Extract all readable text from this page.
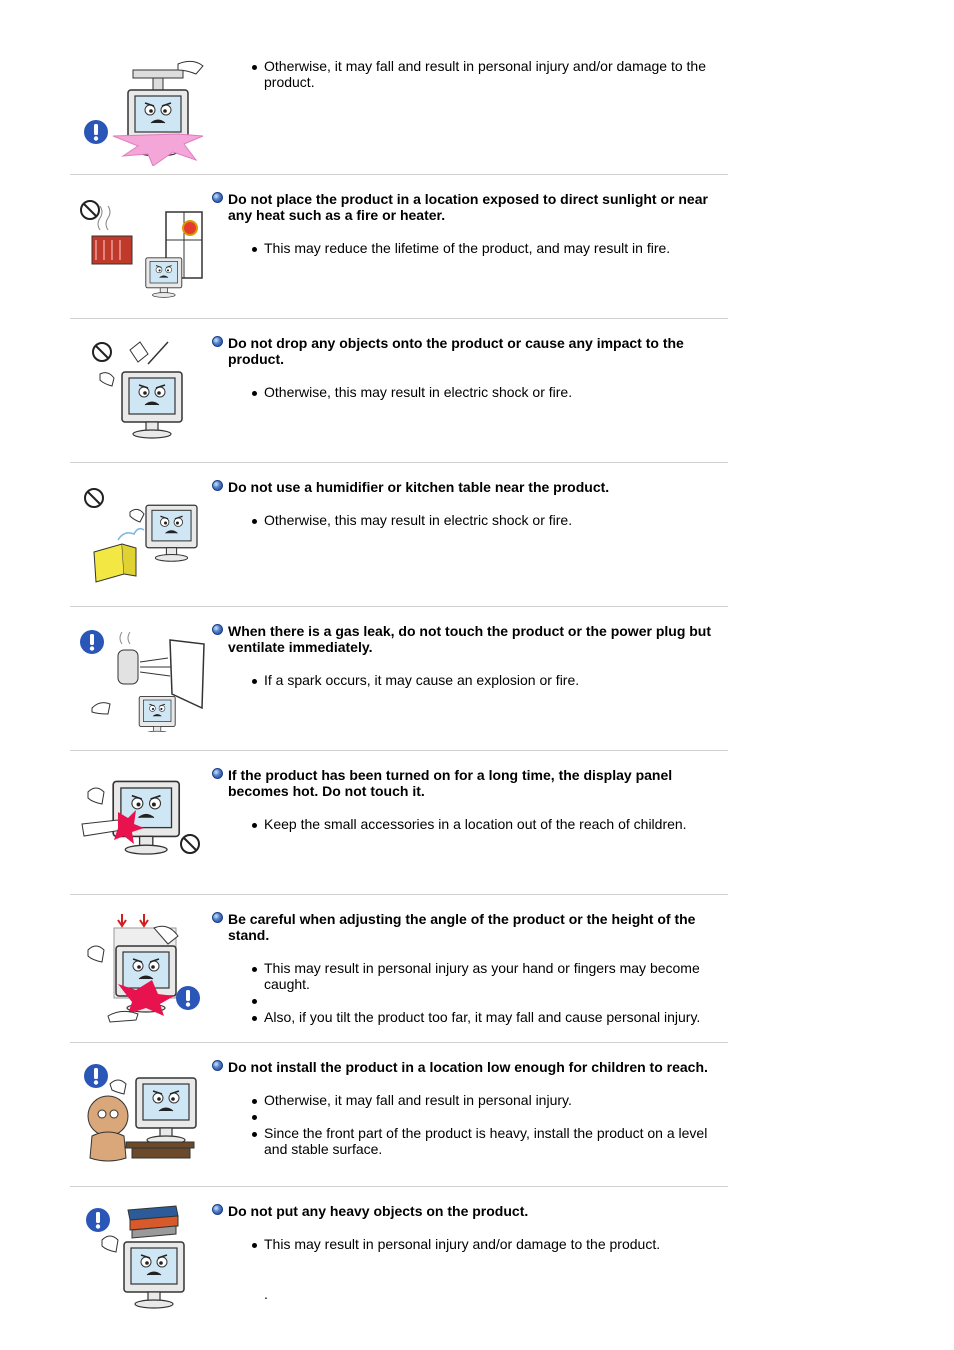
Otherwise, it may fall and result in personal injury and/or damage to the product.
Do not place the product in a location exposed to direct sunlight or near any heat such as a fire or heater.
This may reduce the lifetime of the product, and may result in fire.
Do not drop any objects onto the product or cause any impact to the product.
Otherwise, this may result in electric shock or fire.
Do not use a humidifier or kitchen table near the product.
Otherwise, this may result in electric shock or fire.
When there is a gas leak, do not touch the product or the power plug but ventilate immediately.
If a spark occurs, it may cause an explosion or fire.
If the product has been turned on for a long time, the display panel becomes hot. Do not touch it.
Keep the small accessories in a location out of the reach of children.
Be careful when adjusting the angle of the product or the height of the stand.
This may result in personal injury as your hand or fingers may become caught.
Also, if you tilt the product too far, it may fall and cause personal injury.
Do not install the product in a location low enough for children to reach.
Otherwise, it may fall and result in personal injury.
Since the front part of the product is heavy, install the product on a level and stable surface.
Do not put any heavy objects on the product.
This may result in personal injury and/or damage to the product.
.
